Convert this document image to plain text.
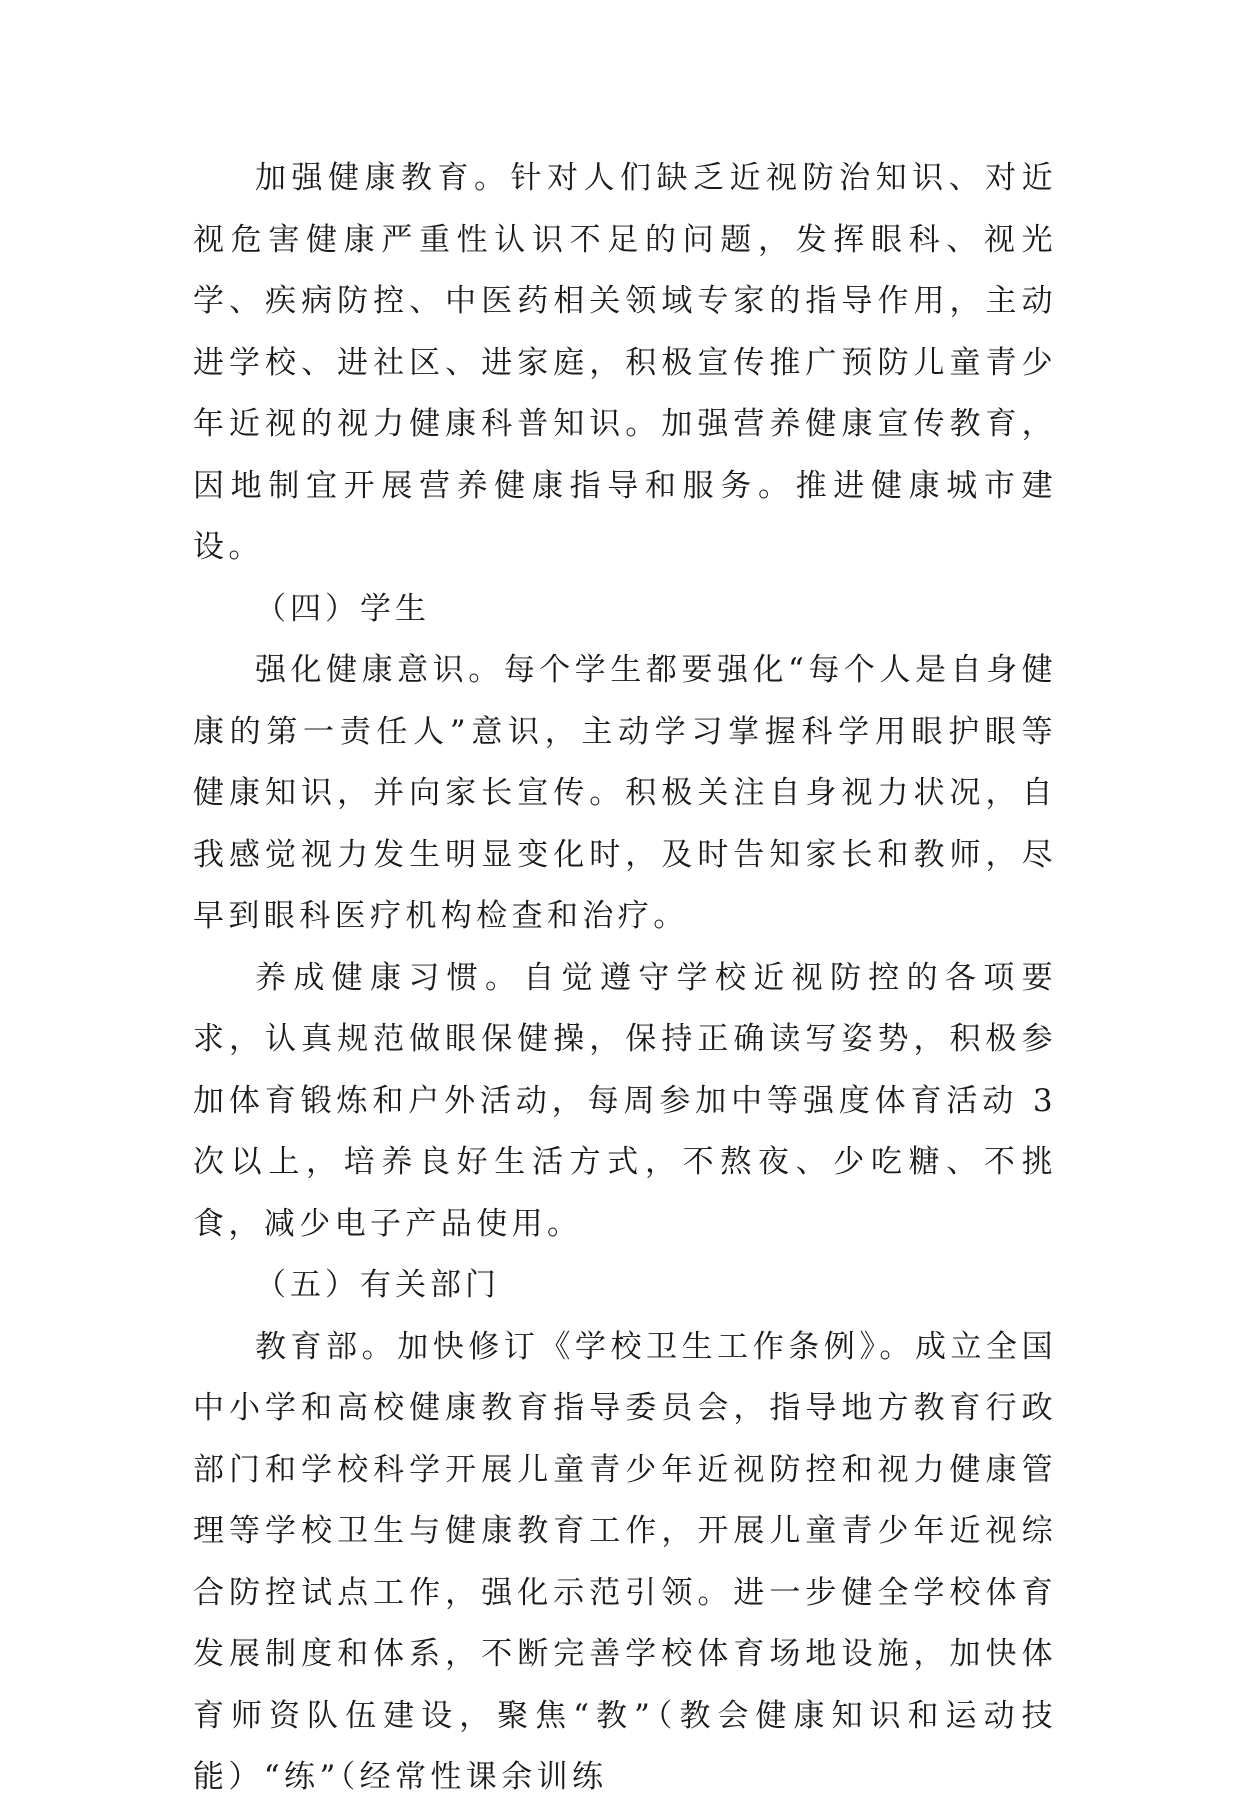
加强健康教育。针对人们缺乏近视防治知识、对近视危害健康严重性认识不足的问题，发挥眼科、视光学、疾病防控、中医药相关领域专家的指导作用，主动进学校、进社区、进家庭，积极宣传推广预防儿童青少年近视的视力健康科普知识。加强营养健康宣传教育，因地制宜开展营养健康指导和服务。推进健康城市建设。

（四）学生

强化健康意识。每个学生都要强化“每个人是自身健康的第一责任人”意识，主动学习掌握科学用眼护眼等健康知识，并向家长宣传。积极关注自身视力状况，自我感觉视力发生明显变化时，及时告知家长和教师，尽早到眼科医疗机构检查和治疗。

养成健康习惯。自觉遵守学校近视防控的各项要求，认真规范做眼保健操，保持正确读写姿势，积极参加体育锻炼和户外活动，每周参加中等强度体育活动 3 次以上，培养良好生活方式，不熬夜、少吃糖、不挑食，减少电子产品使用。

（五）有关部门

教育部。加快修订《学校卫生工作条例》。成立全国中小学和高校健康教育指导委员会，指导地方教育行政部门和学校科学开展儿童青少年近视防控和视力健康管理等学校卫生与健康教育工作，开展儿童青少年近视综合防控试点工作，强化示范引领。进一步健全学校体育发展制度和体系，不断完善学校体育场地设施，加快体育师资队伍建设，聚焦“教”（教会健康知识和运动技能）“练”（经常性课余训练
